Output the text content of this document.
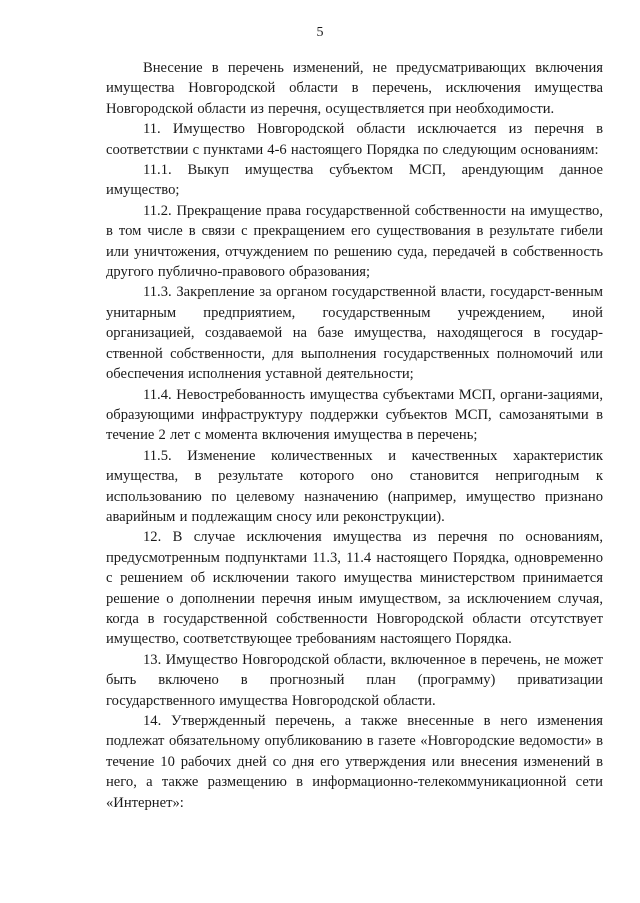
5

Внесение в перечень изменений, не предусматривающих включения имущества Новгородской области в перечень, исключения имущества Новгородской области из перечня, осуществляется при необходимости.

11. Имущество Новгородской области исключается из перечня в соответствии с пунктами 4-6 настоящего Порядка по следующим основаниям:

11.1. Выкуп имущества субъектом МСП, арендующим данное имущество;

11.2. Прекращение права государственной собственности на имущество, в том числе в связи с прекращением его существования в результате гибели или уничтожения, отчуждением по решению суда, передачей в собственность другого публично-правового образования;

11.3. Закрепление за органом государственной власти, государст-венным унитарным предприятием, государственным учреждением, иной организацией, создаваемой на базе имущества, находящегося в государ-ственной собственности, для выполнения государственных полномочий или обеспечения исполнения уставной деятельности;

11.4. Невостребованность имущества субъектами МСП, органи-зациями, образующими инфраструктуру поддержки субъектов МСП, самозанятыми в течение 2 лет с момента включения имущества в перечень;

11.5. Изменение количественных и качественных характеристик имущества, в результате которого оно становится непригодным к использованию по целевому назначению (например, имущество признано аварийным и подлежащим сносу или реконструкции).

12. В случае исключения имущества из перечня по основаниям, предусмотренным подпунктами 11.3, 11.4 настоящего Порядка, одновременно с решением об исключении такого имущества министерством принимается решение о дополнении перечня иным имуществом, за исключением случая, когда в государственной собственности Новгородской области отсутствует имущество, соответствующее требованиям настоящего Порядка.

13. Имущество Новгородской области, включенное в перечень, не может быть включено в прогнозный план (программу) приватизации государственного имущества Новгородской области.

14. Утвержденный перечень, а также внесенные в него изменения подлежат обязательному опубликованию в газете «Новгородские ведомости» в течение 10 рабочих дней со дня его утверждения или внесения изменений в него, а также размещению в информационно-телекоммуникационной сети «Интернет»:
